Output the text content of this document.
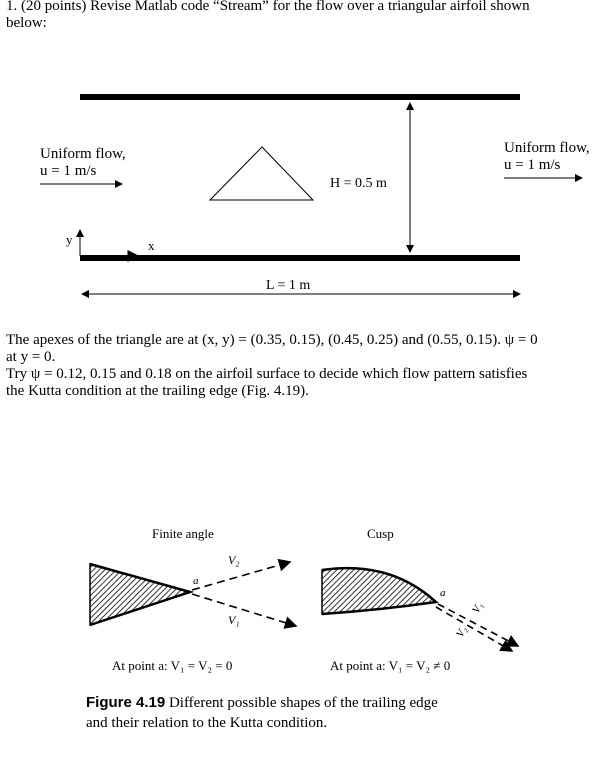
1. (20 points) Revise Matlab code “Stream” for the flow over a triangular airfoil shown
below:
Uniform flow,
u = 1 m/s
Uniform flow,
u = 1 m/s
H = 0.5 m
L = 1 m
y	x
The apexes of the triangle are at (x, y) = (0.35, 0.15), (0.45, 0.25) and (0.55, 0.15). ψ = 0
at y = 0.
Try ψ = 0.12, 0.15 and 0.18 on the airfoil surface to decide which flow pattern satisfies
the Kutta condition at the trailing edge (Fig. 4.19).
Finite angle
a
V₂
V₁
At point a: V₁ = V₂ = 0
Cusp
a
V₁
V₂
At point a: V₁ = V₂ ≠ 0
Figure 4.19 Different possible shapes of the trailing edge
and their relation to the Kutta condition.
